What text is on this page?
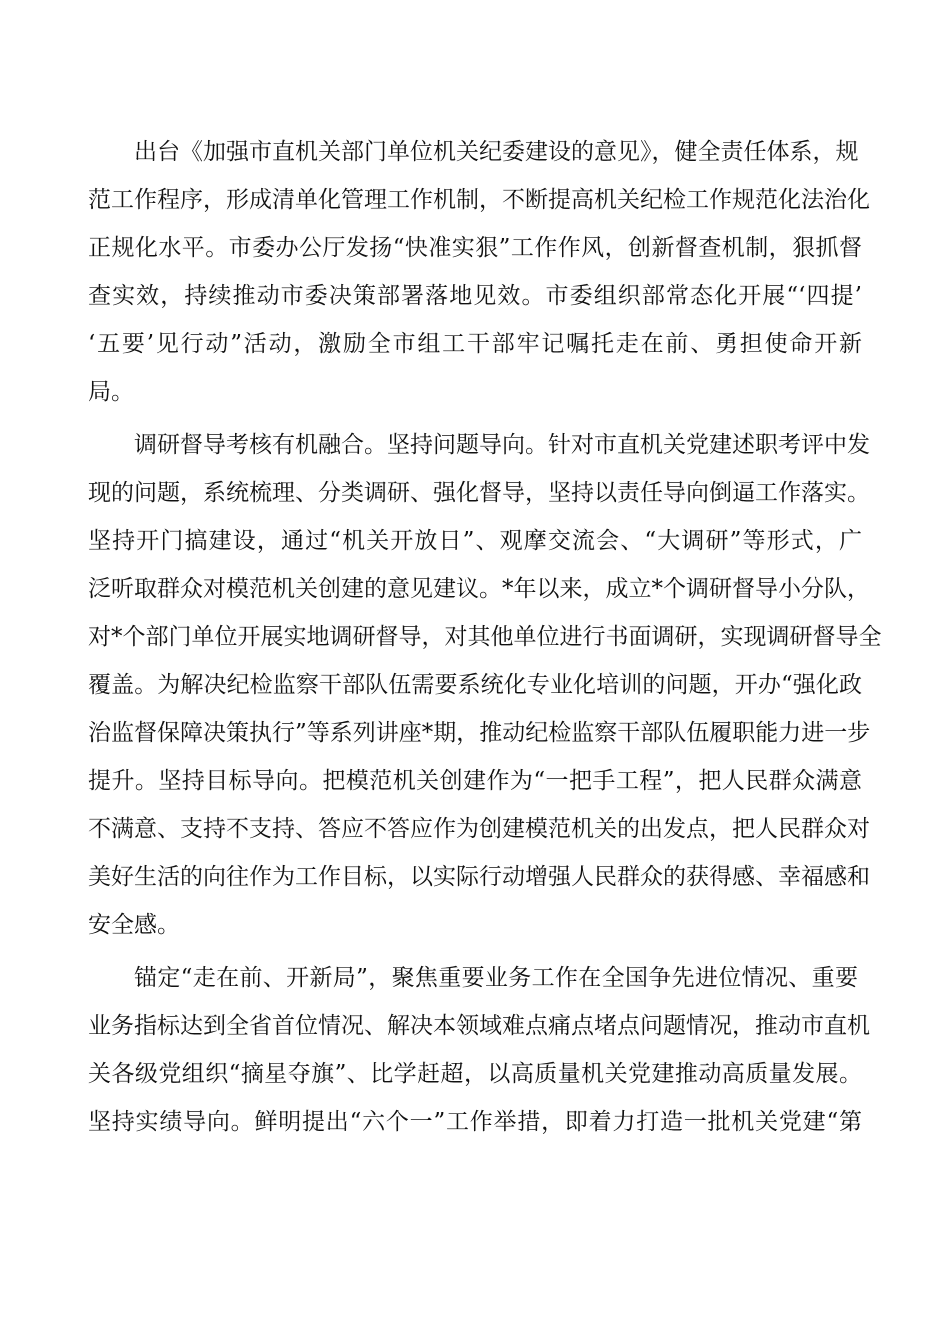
出台《加强市直机关部门单位机关纪委建设的意见》，健全责任体系，规
范工作程序，形成清单化管理工作机制，不断提高机关纪检工作规范化法治化
正规化水平。市委办公厅发扬“快准实狠”工作作风，创新督查机制，狠抓督
查实效，持续推动市委决策部署落地见效。市委组织部常态化开展“‘四提’
‘五要’见行动”活动，激励全市组工干部牢记嘱托走在前、勇担使命开新
局。
调研督导考核有机融合。坚持问题导向。针对市直机关党建述职考评中发
现的问题，系统梳理、分类调研、强化督导，坚持以责任导向倒逼工作落实。
坚持开门搞建设，通过“机关开放日”、观摩交流会、“大调研”等形式，广
泛听取群众对模范机关创建的意见建议。*年以来，成立*个调研督导小分队，
对*个部门单位开展实地调研督导，对其他单位进行书面调研，实现调研督导全
覆盖。为解决纪检监察干部队伍需要系统化专业化培训的问题，开办“强化政
治监督保障决策执行”等系列讲座*期，推动纪检监察干部队伍履职能力进一步
提升。坚持目标导向。把模范机关创建作为“一把手工程”，把人民群众满意
不满意、支持不支持、答应不答应作为创建模范机关的出发点，把人民群众对
美好生活的向往作为工作目标，以实际行动增强人民群众的获得感、幸福感和
安全感。
锚定“走在前、开新局”，聚焦重要业务工作在全国争先进位情况、重要
业务指标达到全省首位情况、解决本领域难点痛点堵点问题情况，推动市直机
关各级党组织“摘星夺旗”、比学赶超，以高质量机关党建推动高质量发展。
坚持实绩导向。鲜明提出“六个一”工作举措，即着力打造一批机关党建“第
